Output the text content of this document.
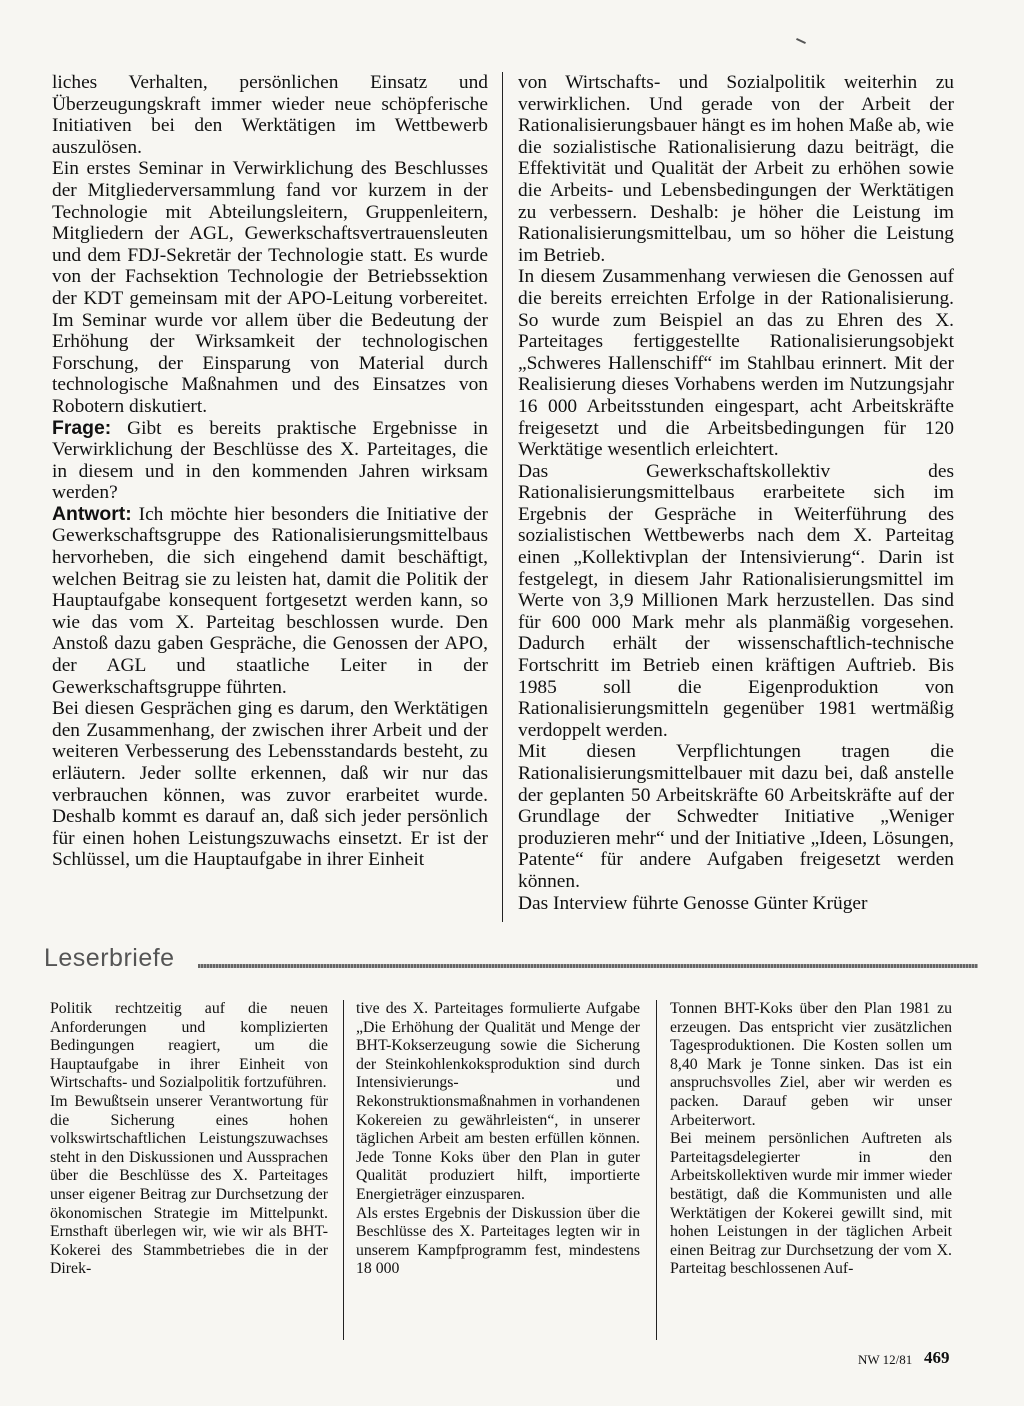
liches Verhalten, persönlichen Einsatz und Überzeugungskraft immer wieder neue schöpferische Initiativen bei den Werktätigen im Wettbewerb auszulösen.

Ein erstes Seminar in Verwirklichung des Beschlusses der Mitgliederversammlung fand vor kurzem in der Technologie mit Abteilungsleitern, Gruppenleitern, Mitgliedern der AGL, Gewerkschaftsvertrauensleuten und dem FDJ-Sekretär der Technologie statt. Es wurde von der Fachsektion Technologie der Betriebssektion der KDT gemeinsam mit der APO-Leitung vorbereitet. Im Seminar wurde vor allem über die Bedeutung der Erhöhung der Wirksamkeit der technologischen Forschung, der Einsparung von Material durch technologische Maßnahmen und des Einsatzes von Robotern diskutiert.

Frage: Gibt es bereits praktische Ergebnisse in Verwirklichung der Beschlüsse des X. Parteitages, die in diesem und in den kommenden Jahren wirksam werden?

Antwort: Ich möchte hier besonders die Initiative der Gewerkschaftsgruppe des Rationalisierungsmittelbaus hervorheben, die sich eingehend damit beschäftigt, welchen Beitrag sie zu leisten hat, damit die Politik der Hauptaufgabe konsequent fortgesetzt werden kann, so wie das vom X. Parteitag beschlossen wurde. Den Anstoß dazu gaben Gespräche, die Genossen der APO, der AGL und staatliche Leiter in der Gewerkschaftsgruppe führten.

Bei diesen Gesprächen ging es darum, den Werktätigen den Zusammenhang, der zwischen ihrer Arbeit und der weiteren Verbesserung des Lebensstandards besteht, zu erläutern. Jeder sollte erkennen, daß wir nur das verbrauchen können, was zuvor erarbeitet wurde. Deshalb kommt es darauf an, daß sich jeder persönlich für einen hohen Leistungszuwachs einsetzt. Er ist der Schlüssel, um die Hauptaufgabe in ihrer Einheit

von Wirtschafts- und Sozialpolitik weiterhin zu verwirklichen. Und gerade von der Arbeit der Rationalisierungsbauer hängt es im hohen Maße ab, wie die sozialistische Rationalisierung dazu beiträgt, die Effektivität und Qualität der Arbeit zu erhöhen sowie die Arbeits- und Lebensbedingungen der Werktätigen zu verbessern. Deshalb: je höher die Leistung im Rationalisierungsmittelbau, um so höher die Leistung im Betrieb.

In diesem Zusammenhang verwiesen die Genossen auf die bereits erreichten Erfolge in der Rationalisierung. So wurde zum Beispiel an das zu Ehren des X. Parteitages fertiggestellte Rationalisierungsobjekt „Schweres Hallenschiff“ im Stahlbau erinnert. Mit der Realisierung dieses Vorhabens werden im Nutzungsjahr 16 000 Arbeitsstunden eingespart, acht Arbeitskräfte freigesetzt und die Arbeitsbedingungen für 120 Werktätige wesentlich erleichtert.

Das Gewerkschaftskollektiv des Rationalisierungsmittelbaus erarbeitete sich im Ergebnis der Gespräche in Weiterführung des sozialistischen Wettbewerbs nach dem X. Parteitag einen „Kollektivplan der Intensivierung“. Darin ist festgelegt, in diesem Jahr Rationalisierungsmittel im Werte von 3,9 Millionen Mark herzustellen. Das sind für 600 000 Mark mehr als planmäßig vorgesehen. Dadurch erhält der wissenschaftlich-technische Fortschritt im Betrieb einen kräftigen Auftrieb. Bis 1985 soll die Eigenproduktion von Rationalisierungsmitteln gegenüber 1981 wertmäßig verdoppelt werden.

Mit diesen Verpflichtungen tragen die Rationalisierungsmittelbauer mit dazu bei, daß anstelle der geplanten 50 Arbeitskräfte 60 Arbeitskräfte auf der Grundlage der Schwedter Initiative „Weniger produzieren mehr“ und der Initiative „Ideen, Lösungen, Patente“ für andere Aufgaben freigesetzt werden können.

Das Interview führte Genosse Günter Krüger

Leserbriefe

Politik rechtzeitig auf die neuen Anforderungen und komplizierten Bedingungen reagiert, um die Hauptaufgabe in ihrer Einheit von Wirtschafts- und Sozialpolitik fortzuführen.

Im Bewußtsein unserer Verantwortung für die Sicherung eines hohen volkswirtschaftlichen Leistungszuwachses steht in den Diskussionen und Aussprachen über die Beschlüsse des X. Parteitages unser eigener Beitrag zur Durchsetzung der ökonomischen Strategie im Mittelpunkt. Ernsthaft überlegen wir, wie wir als BHT-Kokerei des Stammbetriebes die in der Direk-

tive des X. Parteitages formulierte Aufgabe „Die Erhöhung der Qualität und Menge der BHT-Kokserzeugung sowie die Sicherung der Steinkohlenkoksproduktion sind durch Intensivierungs- und Rekonstruktionsmaßnahmen in vorhandenen Kokereien zu gewährleisten“, in unserer täglichen Arbeit am besten erfüllen können. Jede Tonne Koks über den Plan in guter Qualität produziert hilft, importierte Energieträger einzusparen.

Als erstes Ergebnis der Diskussion über die Beschlüsse des X. Parteitages legten wir in unserem Kampfprogramm fest, mindestens 18 000

Tonnen BHT-Koks über den Plan 1981 zu erzeugen. Das entspricht vier zusätzlichen Tagesproduktionen. Die Kosten sollen um 8,40 Mark je Tonne sinken. Das ist ein anspruchsvolles Ziel, aber wir werden es packen. Darauf geben wir unser Arbeiterwort.

Bei meinem persönlichen Auftreten als Parteitagsdelegierter in den Arbeitskollektiven wurde mir immer wieder bestätigt, daß die Kommunisten und alle Werktätigen der Kokerei gewillt sind, mit hohen Leistungen in der täglichen Arbeit einen Beitrag zur Durchsetzung der vom X. Parteitag beschlossenen Auf-

NW 12/81 469
